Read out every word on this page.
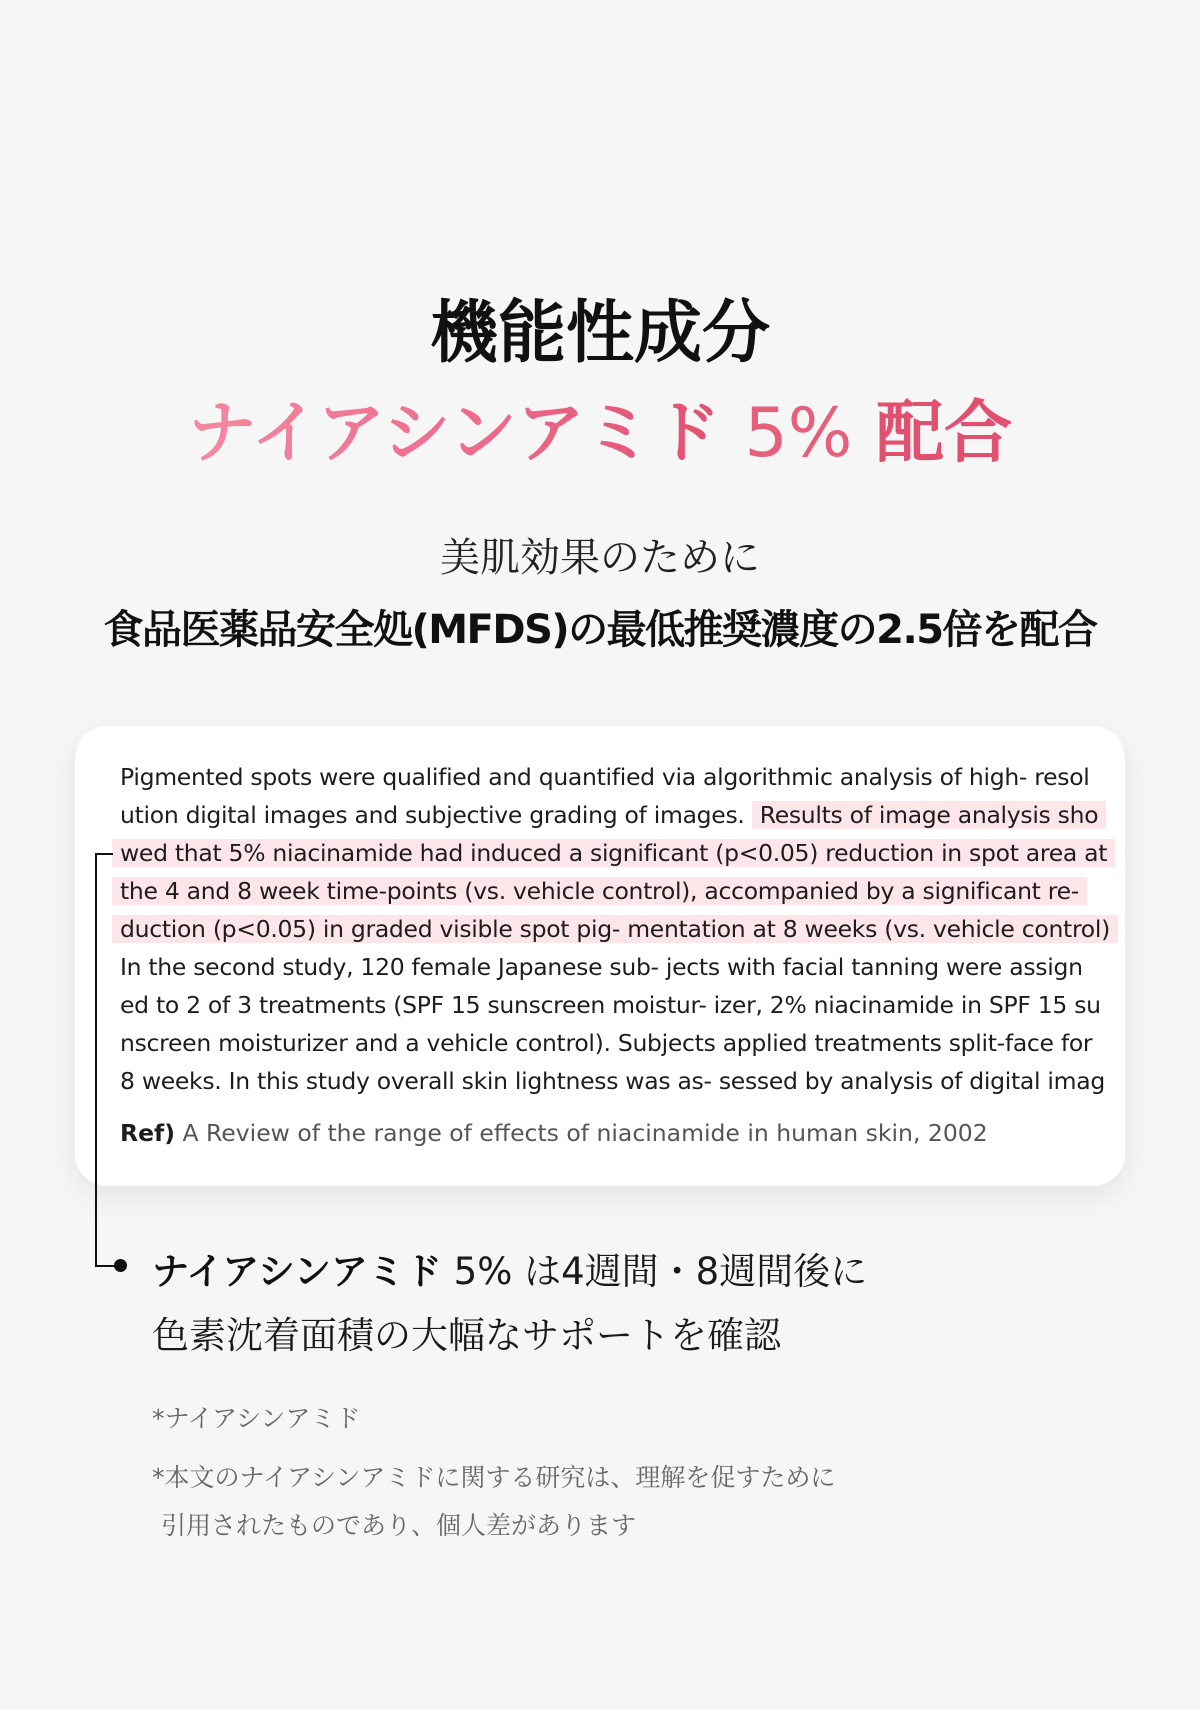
機能性成分
ナイアシンアミド 5% 配合

美肌効果のために

食品医薬品安全処(MFDS)の最低推奨濃度の2.5倍を配合

Pigmented spots were qualified and quantified via algorithmic analysis of high- resol
ution digital images and subjective grading of images. Results of image analysis sho
wed that 5% niacinamide had induced a significant (p<0.05) reduction in spot area at
the 4 and 8 week time-points (vs. vehicle control), accompanied by a significant re-
duction (p<0.05) in graded visible spot pig- mentation at 8 weeks (vs. vehicle control)
In the second study, 120 female Japanese sub- jects with facial tanning were assign
ed to 2 of 3 treatments (SPF 15 sunscreen moistur- izer, 2% niacinamide in SPF 15 su
nscreen moisturizer and a vehicle control). Subjects applied treatments split-face for
8 weeks. In this study overall skin lightness was as- sessed by analysis of digital imag
Ref) A Review of the range of effects of niacinamide in human skin, 2002
ナイアシンアミド 5% は4週間・8週間後に
色素沈着面積の大幅なサポートを確認
*ナイアシンアミド
*本文のナイアシンアミドに関する研究は、理解を促すために
引用されたものであり、個人差があります
